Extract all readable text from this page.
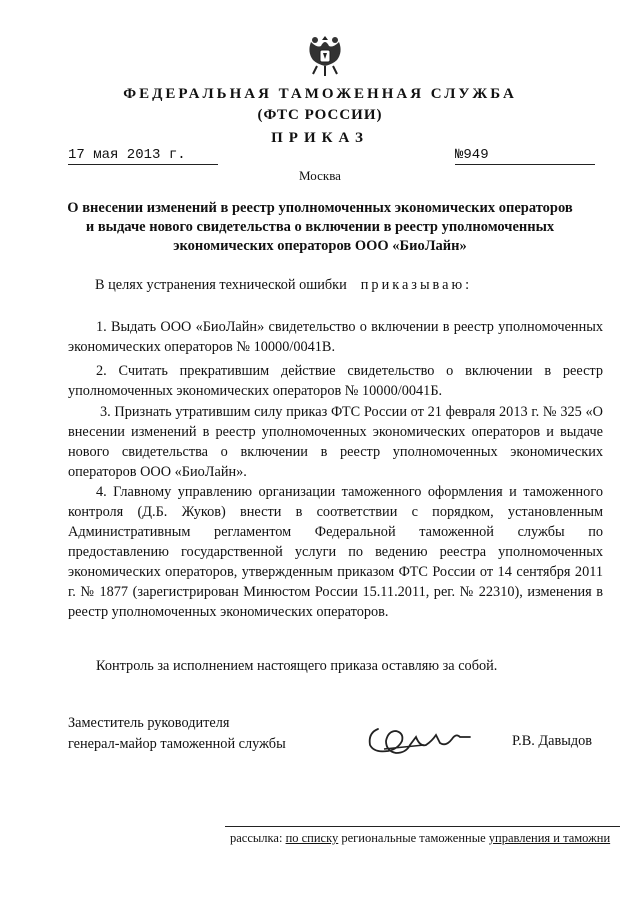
ФЕДЕРАЛЬНАЯ ТАМОЖЕННАЯ СЛУЖБА
(ФТС РОССИИ)
ПРИКАЗ
17 мая 2013 г.	№949
Москва
О внесении изменений в реестр уполномоченных экономических операторов
и выдаче нового свидетельства о включении в реестр уполномоченных
экономических операторов ООО «БиоЛайн»
В целях устранения технической ошибки приказываю:
1. Выдать ООО «БиоЛайн» свидетельство о включении в реестр уполномоченных экономических операторов № 10000/0041В.
2. Считать прекратившим действие свидетельство о включении в реестр уполномоченных экономических операторов № 10000/0041Б.
3. Признать утратившим силу приказ ФТС России от 21 февраля 2013 г. № 325 «О внесении изменений в реестр уполномоченных экономических операторов и выдаче нового свидетельства о включении в реестр уполномоченных экономических операторов ООО «БиоЛайн».
4. Главному управлению организации таможенного оформления и таможенного контроля (Д.Б. Жуков) внести в соответствии с порядком, установленным Административным регламентом Федеральной таможенной службы по предоставлению государственной услуги по ведению реестра уполномоченных экономических операторов, утвержденным приказом ФТС России от 14 сентября 2011 г. № 1877 (зарегистрирован Минюстом России 15.11.2011, рег. № 22310), изменения в реестр уполномоченных экономических операторов.
Контроль за исполнением настоящего приказа оставляю за собой.
Заместитель руководителя
генерал-майор таможенной службы	Р.В. Давыдов
рассылка: по списку региональные таможенные управления и таможни
